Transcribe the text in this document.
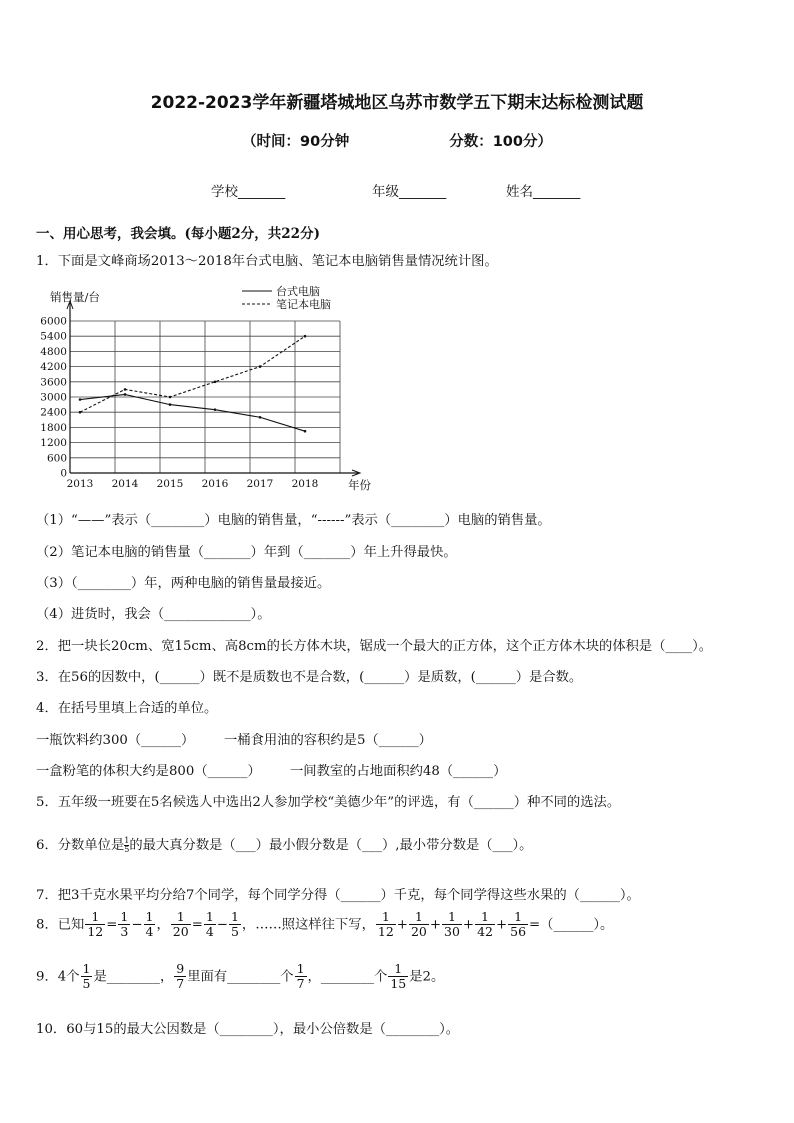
2022-2023学年新疆塔城地区乌苏市数学五下期末达标检测试题
（时间：90分钟	分数：100分）
学校_______	年级_______	姓名_______
一、用心思考，我会填。(每小题2分，共22分)
1．下面是文峰商场2013～2018年台式电脑、笔记本电脑销售量情况统计图。
0
600
1200
1800
2400
3000
3600
4200
4800
5400
6000
销售量/台
年份
2013 2014 2015 2016 2017 2018
台式电脑
笔记本电脑
（1）“——”表示（________）电脑的销售量，“------”表示（________）电脑的销售量。
（2）笔记本电脑的销售量（_______）年到（_______）年上升得最快。
（3）（________）年，两种电脑的销售量最接近。
（4）进货时，我会（_____________）。
2．把一块长20cm、宽15cm、高8cm的长方体木块，锯成一个最大的正方体，这个正方体木块的体积是（____）。
3．在56的因数中，(______）既不是质数也不是合数，(______）是质数，(______）是合数。
4．在括号里填上合适的单位。
一瓶饮料约300（______） 一桶食用油的容积约是5（______）
一盒粉笔的体积大约是800（______） 一间教室的占地面积约48（______）
5．五年级一班要在5名候选人中选出2人参加学校“美德少年”的评选，有（______）种不同的选法。
6．分数单位是 $\frac{1}{5}$的最大真分数是（___）最小假分数是（___）,最小带分数是（___）。
7．把3千克水果平均分给7个同学，每个同学分得（______）千克，每个同学得这些水果的（______）。
8．已知 $\frac{1}{12} = \frac{1}{3} - \frac{1}{4}$ ， $\frac{1}{20} = \frac{1}{4} - \frac{1}{5}$ ，……照这样往下写， $\frac{1}{12} + \frac{1}{20} + \frac{1}{30} + \frac{1}{42} + \frac{1}{56}$ =（______）。
9．4个 $\frac{1}{5}$ 是________， $\frac{9}{7}$ 里面有________个 $\frac{1}{7}$ ，________个 $\frac{1}{15}$ 是2。
10．60与15的最大公因数是（________），最小公倍数是（________）。
